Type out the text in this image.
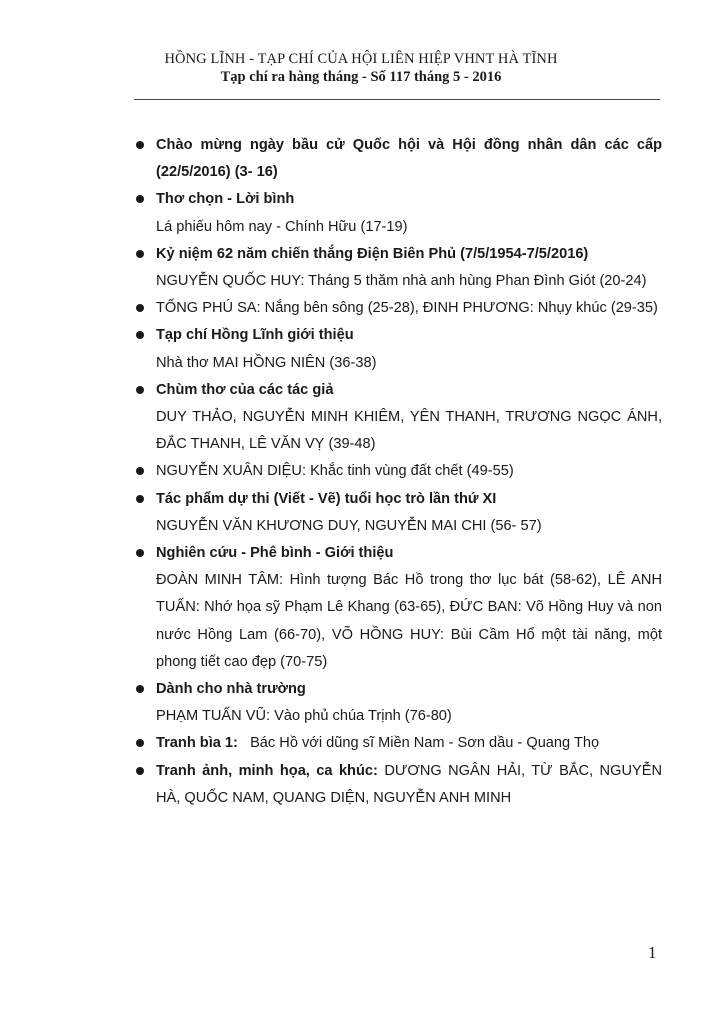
HỒNG LĨNH - TẠP CHÍ CỦA HỘI LIÊN HIỆP VHNT HÀ TĨNH
Tạp chí ra hàng tháng - Số 117 tháng 5 - 2016

Chào mừng ngày bầu cử Quốc hội và Hội đồng nhân dân các cấp (22/5/2016) (3- 16)

Thơ chọn - Lời bình

Lá phiếu hôm nay - Chính Hữu (17-19)

Kỷ niệm 62 năm chiến thắng Điện Biên Phủ (7/5/1954-7/5/2016)

NGUYỄN QUỐC HUY: Tháng 5 thăm nhà anh hùng Phan Đình Giót (20-24)

TỐNG PHÚ SA: Nắng bên sông (25-28), ĐINH PHƯƠNG: Nhụy khúc (29-35)

Tạp chí Hồng Lĩnh giới thiệu

Nhà thơ MAI HỒNG NIÊN (36-38)

Chùm thơ của các tác giả

DUY THẢO, NGUYỄN MINH KHIÊM, YÊN THANH, TRƯƠNG NGỌC ÁNH, ĐẮC THANH, LÊ VĂN VỴ (39-48)

NGUYỄN XUÂN DIỆU: Khắc tinh vùng đất chết (49-55)

Tác phẩm dự thi (Viết - Vẽ) tuổi học trò lần thứ XI

NGUYỄN VĂN KHƯƠNG DUY, NGUYỄN MAI CHI (56- 57)

Nghiên cứu - Phê bình - Giới thiệu

ĐOÀN MINH TÂM: Hình tượng Bác Hồ trong thơ lục bát (58-62), LÊ ANH TUẤN: Nhớ họa sỹ Phạm Lê Khang (63-65), ĐỨC BAN: Võ Hồng Huy và non nước Hồng Lam (66-70), VÕ HỒNG HUY: Bùi Cầm Hổ một tài năng, một phong tiết cao đẹp (70-75)

Dành cho nhà trường

PHẠM TUẤN VŨ: Vào phủ chúa Trịnh (76-80)

Tranh bìa 1: Bác Hồ với dũng sĩ Miền Nam - Sơn dầu - Quang Thọ

Tranh ảnh, minh họa, ca khúc: DƯƠNG NGÂN HẢI, TỪ BẮC, NGUYỄN HÀ, QUỐC NAM, QUANG DIỆN, NGUYỄN ANH MINH

1
